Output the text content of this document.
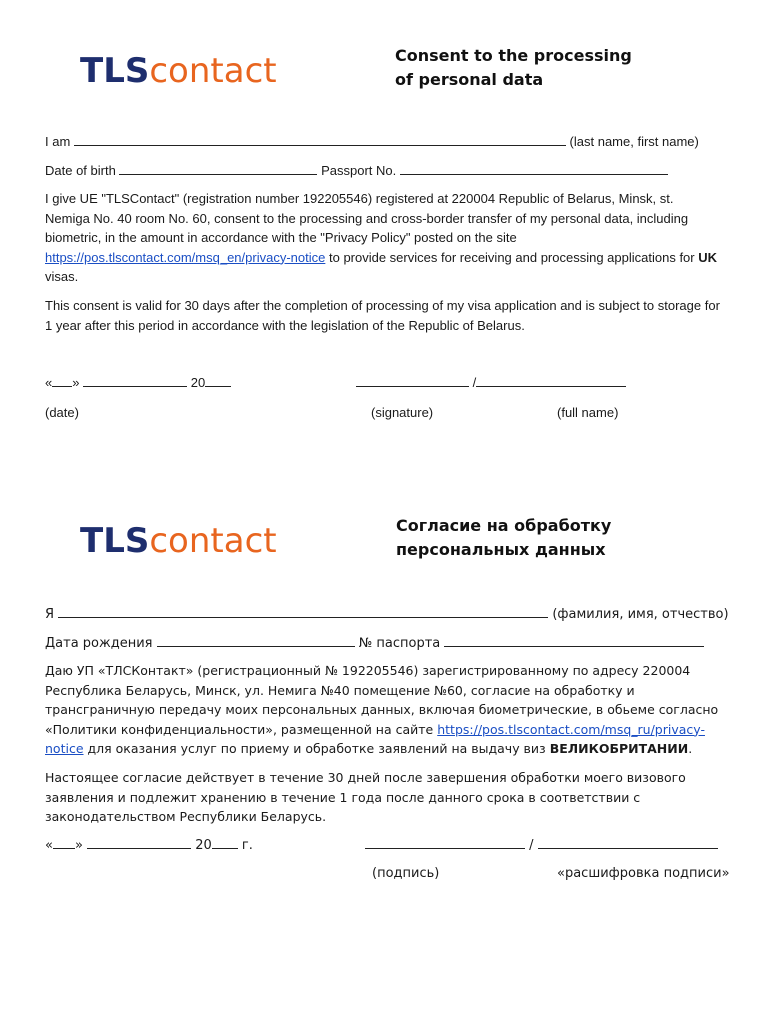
TLScontact	Consent to the processing
of personal data
I am	(last name, first name)
Date of birth	Passport No.
I give UE "TLSContact" (registration number 192205546) registered at 220004 Republic of Belarus, Minsk, st. Nemiga No. 40 room No. 60, consent to the processing and cross-border transfer of my personal data, including biometric, in the amount in accordance with the "Privacy Policy" posted on the site https://pos.tlscontact.com/msq_en/privacy-notice to provide services for receiving and processing applications for UK visas.
This consent is valid for 30 days after the completion of processing of my visa application and is subject to storage for 1 year after this period in accordance with the legislation of the Republic of Belarus.
« »	20	/
(date)	(signature)	(full name)
TLScontact	Согласие на обработку
персональных данных
Я	(фамилия, имя, отчество)
Дата рождения	№ паспорта
Даю УП «ТЛСКонтакт» (регистрационный № 192205546) зарегистрированному по адресу 220004 Республика Беларусь, Минск, ул. Немига №40 помещение №60, согласие на обработку и трансграничную передачу моих персональных данных, включая биометрические, в обьеме согласно «Политики конфиденциальности», размещенной на сайте https://pos.tlscontact.com/msq_ru/privacy-notice для оказания услуг по приему и обработке заявлений на выдачу виз ВЕЛИКОБРИТАНИИ.
Настоящее согласие действует в течение 30 дней после завершения обработки моего визового заявления и подлежит хранению в течение 1 года после данного срока в соответствии с законодательством Республики Беларусь.
« »	20 г.	/
(подпись)	«расшифровка подписи»
